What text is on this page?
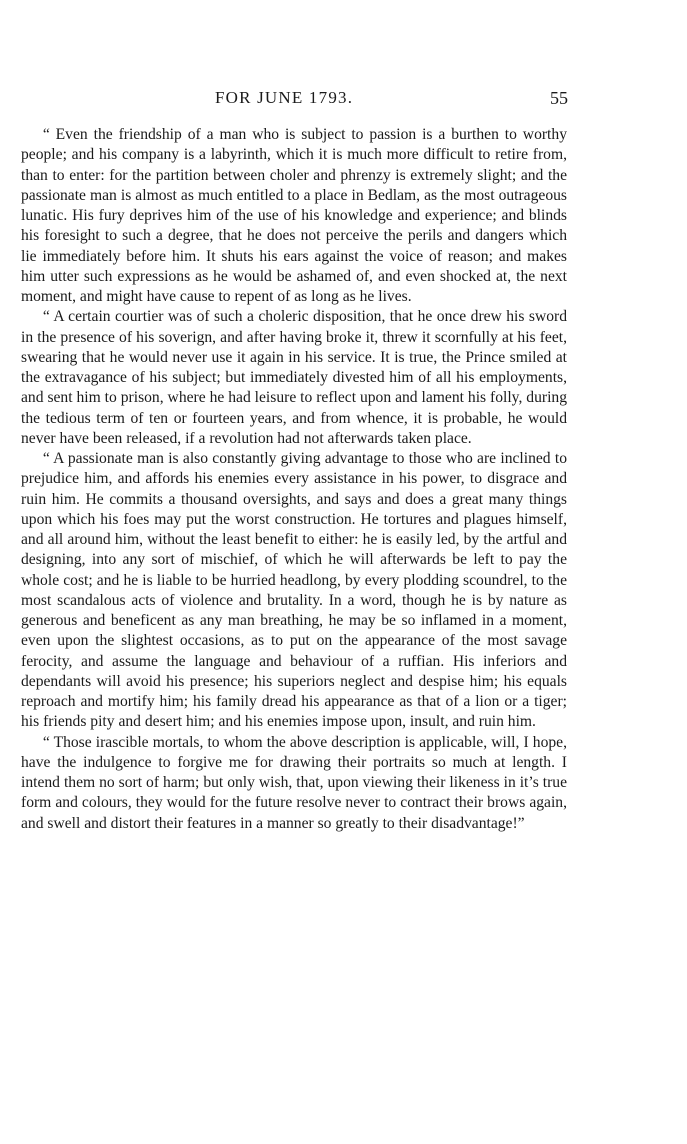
FOR JUNE 1793.	55

“ Even the friendship of a man who is subject to passion is a burthen to worthy people; and his company is a labyrinth, which it is much more difficult to retire from, than to enter: for the partition between choler and phrenzy is extremely slight; and the passionate man is almost as much entitled to a place in Bedlam, as the most outrageous lunatic. His fury deprives him of the use of his knowledge and experience; and blinds his foresight to such a degree, that he does not perceive the perils and dangers which lie immediately before him. It shuts his ears against the voice of reason; and makes him utter such expressions as he would be ashamed of, and even shocked at, the next moment, and might have cause to repent of as long as he lives.

“ A certain courtier was of such a choleric disposition, that he once drew his sword in the presence of his soverign, and after having broke it, threw it scornfully at his feet, swearing that he would never use it again in his service. It is true, the Prince smiled at the extravagance of his subject; but immediately divested him of all his employments, and sent him to prison, where he had leisure to reflect upon and lament his folly, during the tedious term of ten or fourteen years, and from whence, it is probable, he would never have been released, if a revolution had not afterwards taken place.

“ A passionate man is also constantly giving advantage to those who are inclined to prejudice him, and affords his enemies every assistance in his power, to disgrace and ruin him. He commits a thousand oversights, and says and does a great many things upon which his foes may put the worst construction. He tortures and plagues himself, and all around him, without the least benefit to either: he is easily led, by the artful and designing, into any sort of mischief, of which he will afterwards be left to pay the whole cost; and he is liable to be hurried headlong, by every plodding scoundrel, to the most scandalous acts of violence and brutality. In a word, though he is by nature as generous and beneficent as any man breathing, he may be so inflamed in a moment, even upon the slightest occasions, as to put on the appearance of the most savage ferocity, and assume the language and behaviour of a ruffian. His inferiors and dependants will avoid his presence; his superiors neglect and despise him; his equals reproach and mortify him; his family dread his appearance as that of a lion or a tiger; his friends pity and desert him; and his enemies impose upon, insult, and ruin him.

“ Those irascible mortals, to whom the above description is applicable, will, I hope, have the indulgence to forgive me for drawing their portraits so much at length. I intend them no sort of harm; but only wish, that, upon viewing their likeness in it’s true form and colours, they would for the future resolve never to contract their brows again, and swell and distort their features in a manner so greatly to their disadvantage!”
